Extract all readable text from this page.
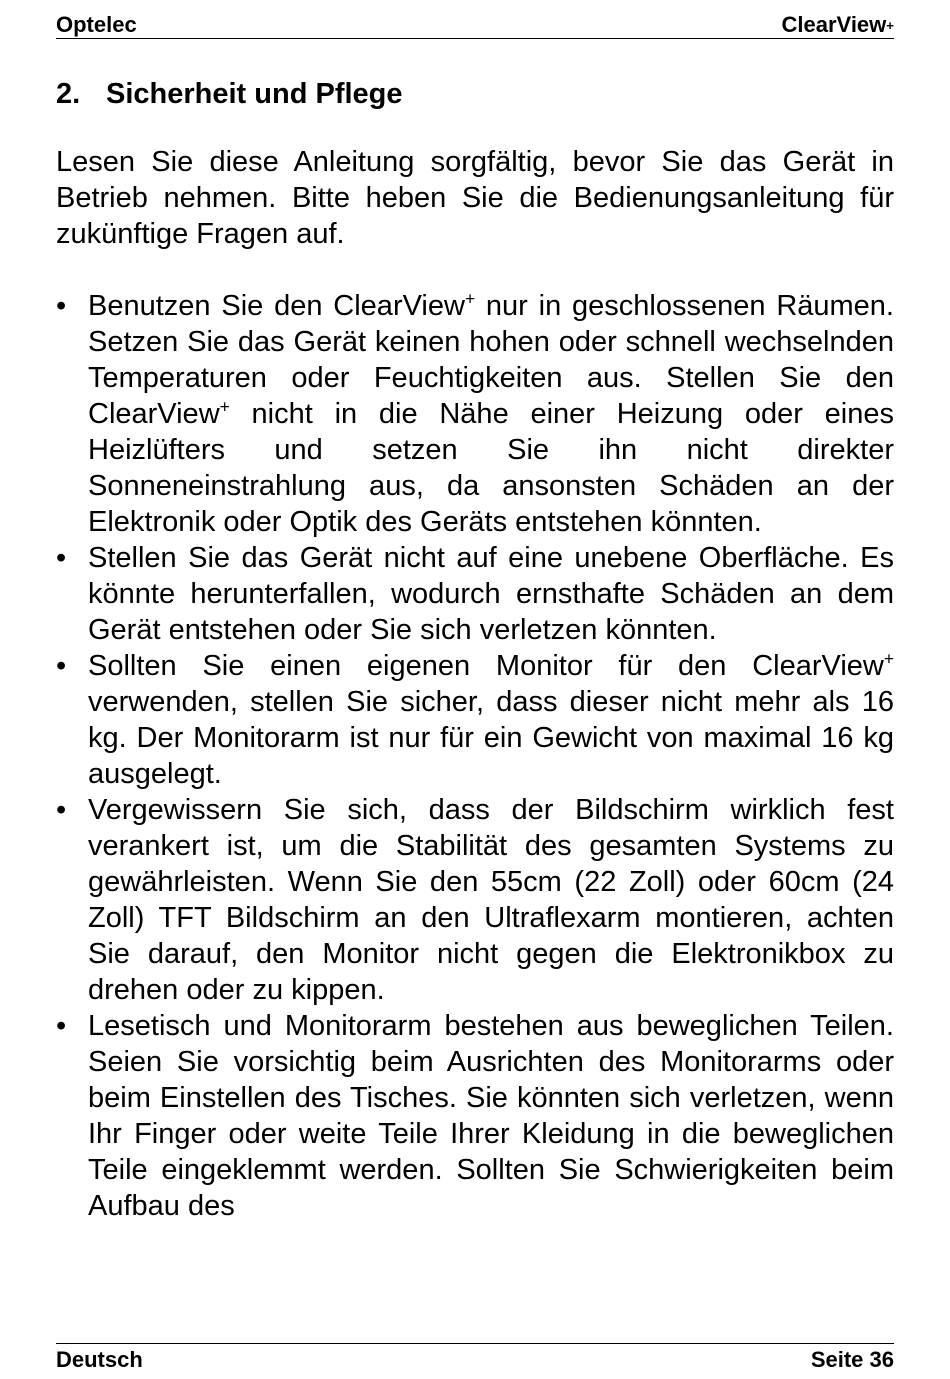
Optelec	ClearView+
2. Sicherheit und Pflege

Lesen Sie diese Anleitung sorgfältig, bevor Sie das Gerät in Betrieb nehmen. Bitte heben Sie die Bedienungsanleitung für zukünftige Fragen auf.

• Benutzen Sie den ClearView+ nur in geschlossenen Räumen. Setzen Sie das Gerät keinen hohen oder schnell wechselnden Temperaturen oder Feuchtigkeiten aus. Stellen Sie den ClearView+ nicht in die Nähe einer Heizung oder eines Heizlüfters und setzen Sie ihn nicht direkter Sonneneinstrahlung aus, da ansonsten Schäden an der Elektronik oder Optik des Geräts entstehen könnten.
• Stellen Sie das Gerät nicht auf eine unebene Oberfläche. Es könnte herunterfallen, wodurch ernsthafte Schäden an dem Gerät entstehen oder Sie sich verletzen könnten.
• Sollten Sie einen eigenen Monitor für den ClearView+ verwenden, stellen Sie sicher, dass dieser nicht mehr als 16 kg. Der Monitorarm ist nur für ein Gewicht von maximal 16 kg ausgelegt.
• Vergewissern Sie sich, dass der Bildschirm wirklich fest verankert ist, um die Stabilität des gesamten Systems zu gewährleisten. Wenn Sie den 55cm (22 Zoll) oder 60cm (24 Zoll) TFT Bildschirm an den Ultraflexarm montieren, achten Sie darauf, den Monitor nicht gegen die Elektronikbox zu drehen oder zu kippen.
• Lesetisch und Monitorarm bestehen aus beweglichen Teilen. Seien Sie vorsichtig beim Ausrichten des Monitorarms oder beim Einstellen des Tisches. Sie könnten sich verletzen, wenn Ihr Finger oder weite Teile Ihrer Kleidung in die beweglichen Teile eingeklemmt werden. Sollten Sie Schwierigkeiten beim Aufbau des
Deutsch	Seite 36
